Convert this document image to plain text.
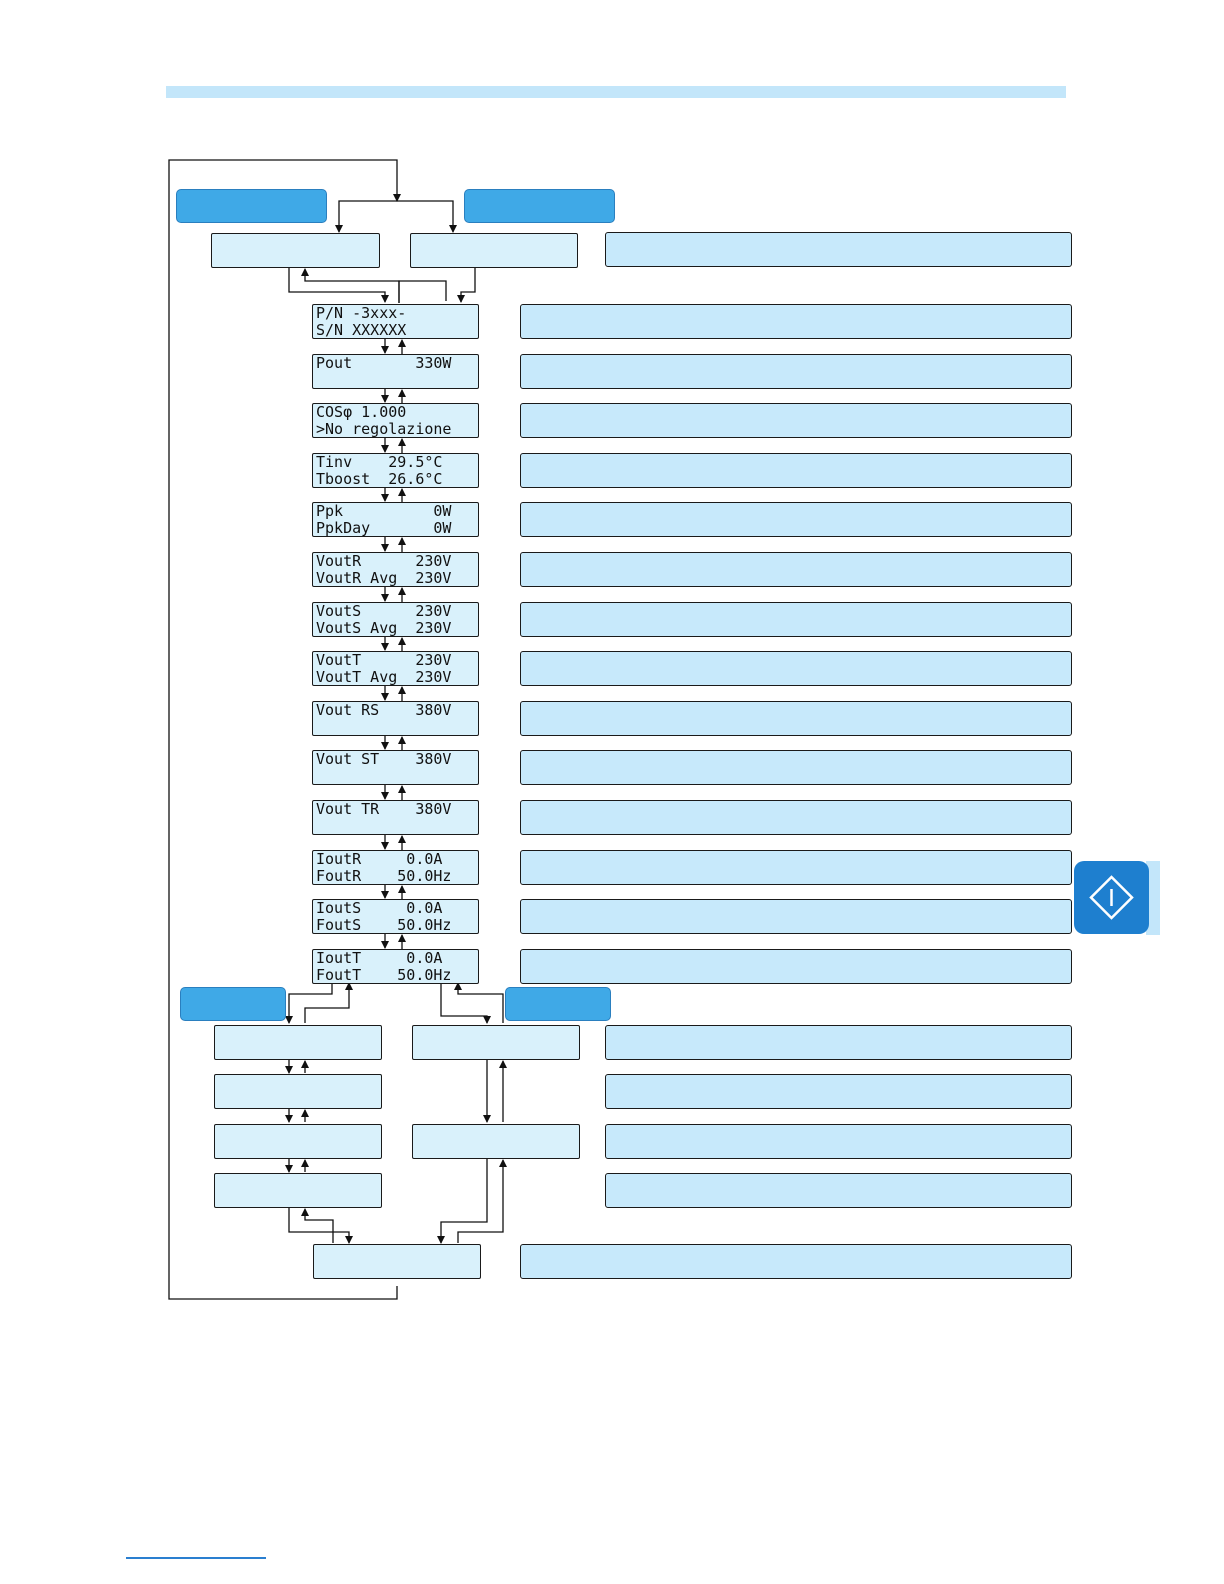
P/N -3xxx-
S/N XXXXXX
Pout       330W
COSφ 1.000
>No regolazione
Tinv    29.5°C
Tboost  26.6°C
Ppk          0W
PpkDay       0W
VoutR      230V
VoutR Avg  230V
VoutS      230V
VoutS Avg  230V
VoutT      230V
VoutT Avg  230V
Vout RS    380V
Vout ST    380V
Vout TR    380V
IoutR     0.0A
FoutR    50.0Hz
IoutS     0.0A
FoutS    50.0Hz
IoutT     0.0A
FoutT    50.0Hz
